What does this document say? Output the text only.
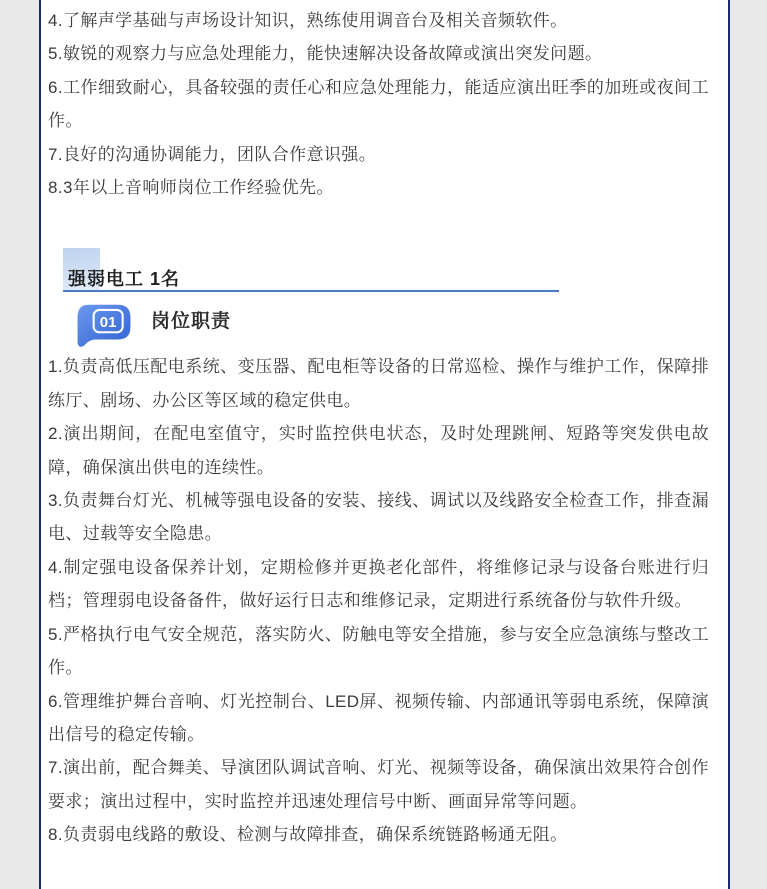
4.了解声学基础与声场设计知识，熟练使用调音台及相关音频软件。

5.敏锐的观察力与应急处理能力，能快速解决设备故障或演出突发问题。

6.工作细致耐心，具备较强的责任心和应急处理能力，能适应演出旺季的加班或夜间工作。

7.良好的沟通协调能力，团队合作意识强。

8.3年以上音响师岗位工作经验优先。

强弱电工 1名
01 岗位职责

1.负责高低压配电系统、变压器、配电柜等设备的日常巡检、操作与维护工作，保障排练厅、剧场、办公区等区域的稳定供电。

2.演出期间，在配电室值守，实时监控供电状态，及时处理跳闸、短路等突发供电故障，确保演出供电的连续性。

3.负责舞台灯光、机械等强电设备的安装、接线、调试以及线路安全检查工作，排查漏电、过载等安全隐患。

4.制定强电设备保养计划，定期检修并更换老化部件，将维修记录与设备台账进行归档；管理弱电设备备件，做好运行日志和维修记录，定期进行系统备份与软件升级。

5.严格执行电气安全规范，落实防火、防触电等安全措施，参与安全应急演练与整改工作。

6.管理维护舞台音响、灯光控制台、LED屏、视频传输、内部通讯等弱电系统，保障演出信号的稳定传输。

7.演出前，配合舞美、导演团队调试音响、灯光、视频等设备，确保演出效果符合创作要求；演出过程中，实时监控并迅速处理信号中断、画面异常等问题。

8.负责弱电线路的敷设、检测与故障排查，确保系统链路畅通无阻。
